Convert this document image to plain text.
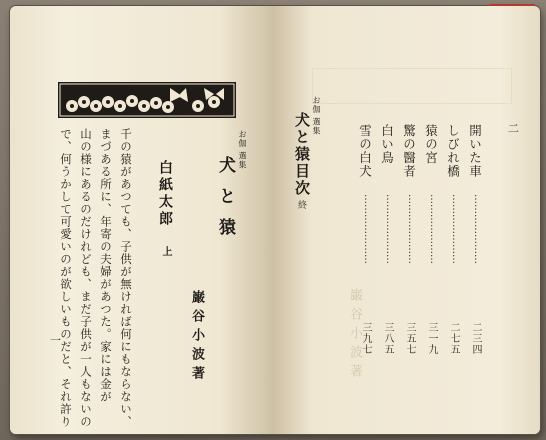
お伽 選集
犬と猿
白紙太郎
上
巌谷小波著
千の猿があつても、子供が無ければ何にもならない、
まづある所に、年寄の夫婦があつた。家には金が
山の様にあるのだけれども、まだ子供が一人もないの
で、何うかして可愛いのが欲しいものだと、それ許り
一	巌谷小波著
お伽 選集
犬と猿目次
終
開いた車
…………………
二三四
しびれ橋
…………………
二七五
猿の宮
…………………
三一九
驚の醫者
…………………
三五七
白い鳥
…………………
三八五
雪の白犬
…………………
三九七
二
